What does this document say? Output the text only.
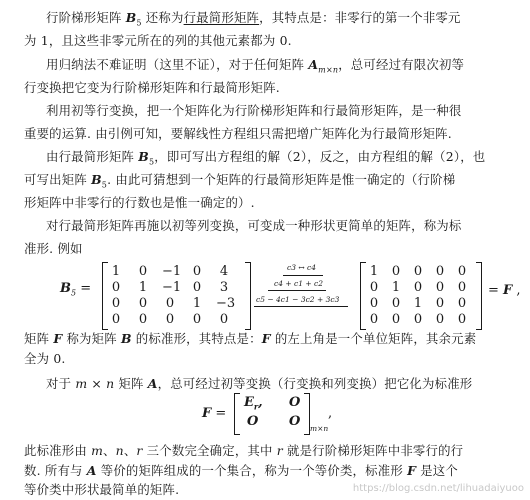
行阶梯形矩阵 $B_5$ 还称为行最简形矩阵，其特点是：非零行的第一个非零元
为 1，且这些非零元所在的列的其他元素都为 0.
用归纳法不难证明（这里不证），对于任何矩阵 $A_{m\times n}$，总可经过有限次初等
行变换把它变为行阶梯形矩阵和行最简形矩阵.
利用初等行变换，把一个矩阵化为行阶梯形矩阵和行最简形矩阵，是一种很
重要的运算. 由引例可知，要解线性方程组只需把增广矩阵化为行最简形矩阵.
由行最简形矩阵 $B_5$，即可写出方程组的解（2），反之，由方程组的解（2），也
可写出矩阵 $B_5$. 由此可猜想到一个矩阵的行最简形矩阵是惟一确定的（行阶梯
形矩阵中非零行的行数也是惟一确定的）.
对行最简形矩阵再施以初等列变换，可变成一种形状更简单的矩阵，称为标
准形. 例如
$B_5$ =
1 0 −1 0 4
0 1 −1 0 3
0 0 0 1 −3
0 0 0 0 0
c3 ↔ c4
c4 + c1 + c2
c5 − 4c1 − 3c2 + 3c3
1 0 0 0 0
0 1 0 0 0
0 0 1 0 0
0 0 0 0 0
= F ,
矩阵 F 称为矩阵 B 的标准形，其特点是：F 的左上角是一个单位矩阵，其余元素
全为 0.
对于 m × n 矩阵 A，总可经过初等变换（行变换和列变换）把它化为标准形
F =
$E_r$, O
O O m×n
,
此标准形由 m、n、r 三个数完全确定，其中 r 就是行阶梯形矩阵中非零行的行
数. 所有与 A 等价的矩阵组成的一个集合，称为一个等价类，标准形 F 是这个
等价类中形状最简单的矩阵.	https://blog.csdn.net/lihuadaiyuoo
